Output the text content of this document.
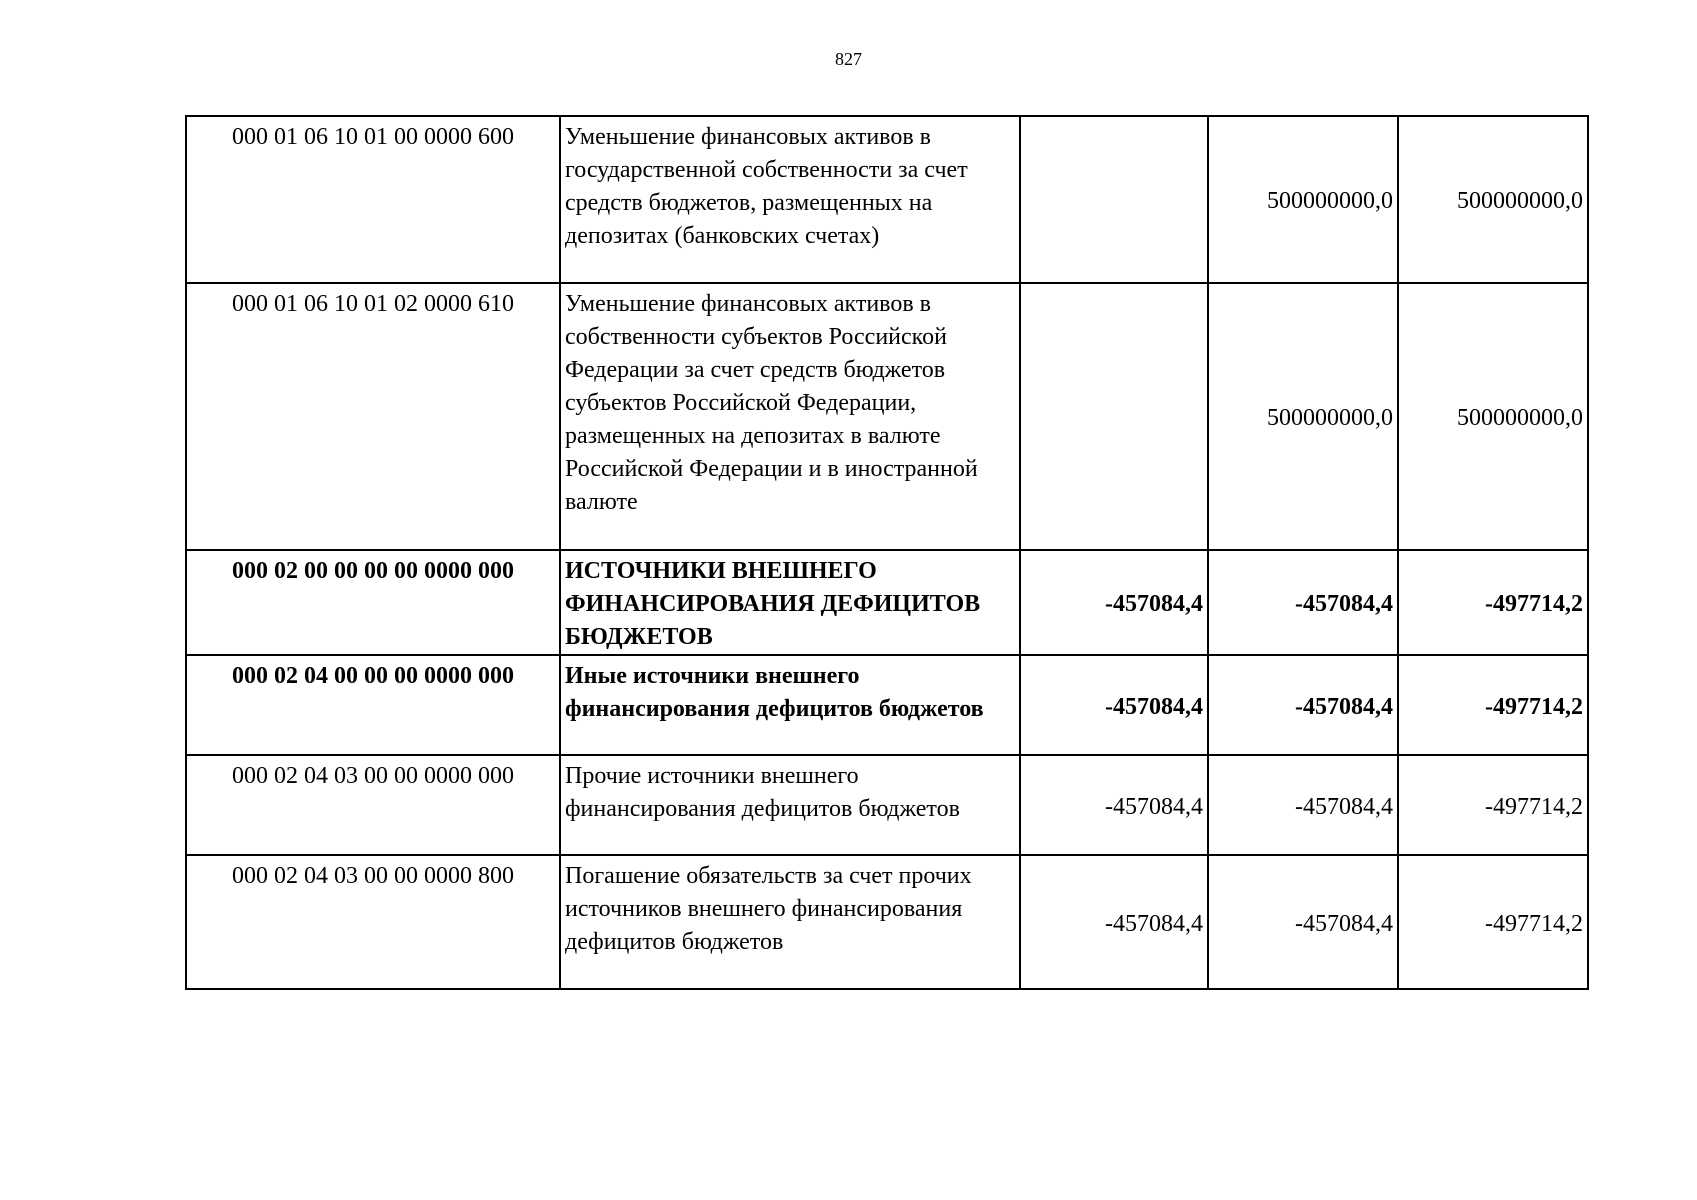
827
000 01 06 10 01 00 0000 600	Уменьшение финансовых активов в государственной собственности за счет средств бюджетов, размещенных на депозитах (банковских счетах)		500000000,0	500000000,0
000 01 06 10 01 02 0000 610	Уменьшение финансовых активов в собственности субъектов Российской Федерации за счет средств бюджетов субъектов Российской Федерации, размещенных на депозитах в валюте Российской Федерации и в иностранной валюте		500000000,0	500000000,0
000 02 00 00 00 00 0000 000	ИСТОЧНИКИ ВНЕШНЕГО ФИНАНСИРОВАНИЯ ДЕФИЦИТОВ БЮДЖЕТОВ	-457084,4	-457084,4	-497714,2
000 02 04 00 00 00 0000 000	Иные источники внешнего финансирования дефицитов бюджетов	-457084,4	-457084,4	-497714,2
000 02 04 03 00 00 0000 000	Прочие источники внешнего финансирования дефицитов бюджетов	-457084,4	-457084,4	-497714,2
000 02 04 03 00 00 0000 800	Погашение обязательств за счет прочих источников внешнего финансирования дефицитов бюджетов	-457084,4	-457084,4	-497714,2
